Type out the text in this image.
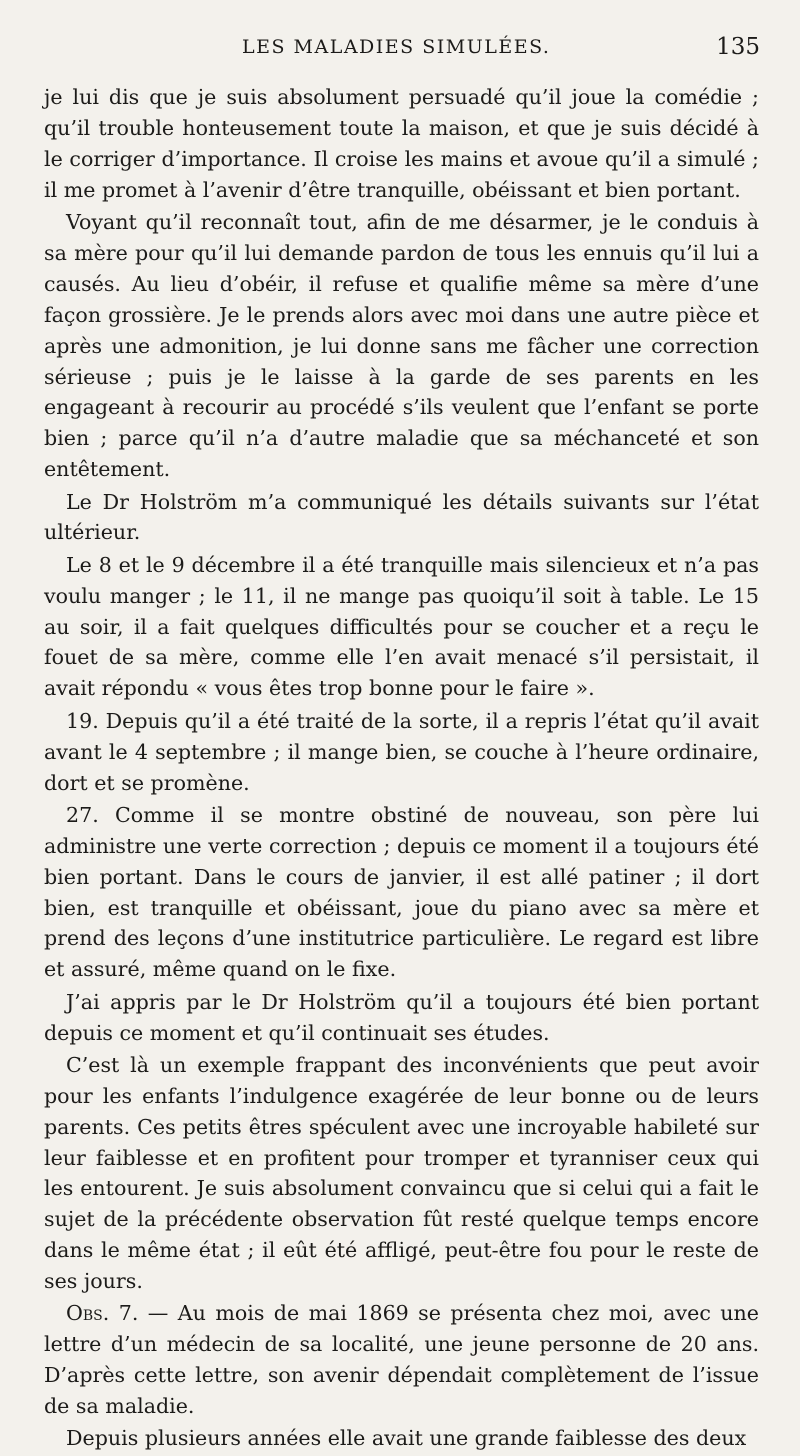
LES MALADIES SIMULÉES.	135

je lui dis que je suis absolument persuadé qu’il joue la comédie ; qu’il trouble honteusement toute la maison, et que je suis décidé à le corriger d’importance. Il croise les mains et avoue qu’il a simulé ; il me promet à l’avenir d’être tranquille, obéissant et bien portant.

Voyant qu’il reconnaît tout, afin de me désarmer, je le conduis à sa mère pour qu’il lui demande pardon de tous les ennuis qu’il lui a causés. Au lieu d’obéir, il refuse et qualifie même sa mère d’une façon grossière. Je le prends alors avec moi dans une autre pièce et après une admonition, je lui donne sans me fâcher une correction sérieuse ; puis je le laisse à la garde de ses parents en les engageant à recourir au procédé s’ils veulent que l’enfant se porte bien ; parce qu’il n’a d’autre maladie que sa méchanceté et son entêtement.

Le Dr Holström m’a communiqué les détails suivants sur l’état ultérieur.

Le 8 et le 9 décembre il a été tranquille mais silencieux et n’a pas voulu manger ; le 11, il ne mange pas quoiqu’il soit à table. Le 15 au soir, il a fait quelques difficultés pour se coucher et a reçu le fouet de sa mère, comme elle l’en avait menacé s’il persistait, il avait répondu « vous êtes trop bonne pour le faire ».

19. Depuis qu’il a été traité de la sorte, il a repris l’état qu’il avait avant le 4 septembre ; il mange bien, se couche à l’heure ordinaire, dort et se promène.

27. Comme il se montre obstiné de nouveau, son père lui administre une verte correction ; depuis ce moment il a toujours été bien portant. Dans le cours de janvier, il est allé patiner ; il dort bien, est tranquille et obéissant, joue du piano avec sa mère et prend des leçons d’une institutrice particulière. Le regard est libre et assuré, même quand on le fixe.

J’ai appris par le Dr Holström qu’il a toujours été bien portant depuis ce moment et qu’il continuait ses études.

C’est là un exemple frappant des inconvénients que peut avoir pour les enfants l’indulgence exagérée de leur bonne ou de leurs parents. Ces petits êtres spéculent avec une incroyable habileté sur leur faiblesse et en profitent pour tromper et tyranniser ceux qui les entourent. Je suis absolument convaincu que si celui qui a fait le sujet de la précédente observation fût resté quelque temps encore dans le même état ; il eût été affligé, peut-être fou pour le reste de ses jours.

Obs. 7. — Au mois de mai 1869 se présenta chez moi, avec une lettre d’un médecin de sa localité, une jeune personne de 20 ans. D’après cette lettre, son avenir dépendait complètement de l’issue de sa maladie.

Depuis plusieurs années elle avait une grande faiblesse des deux
